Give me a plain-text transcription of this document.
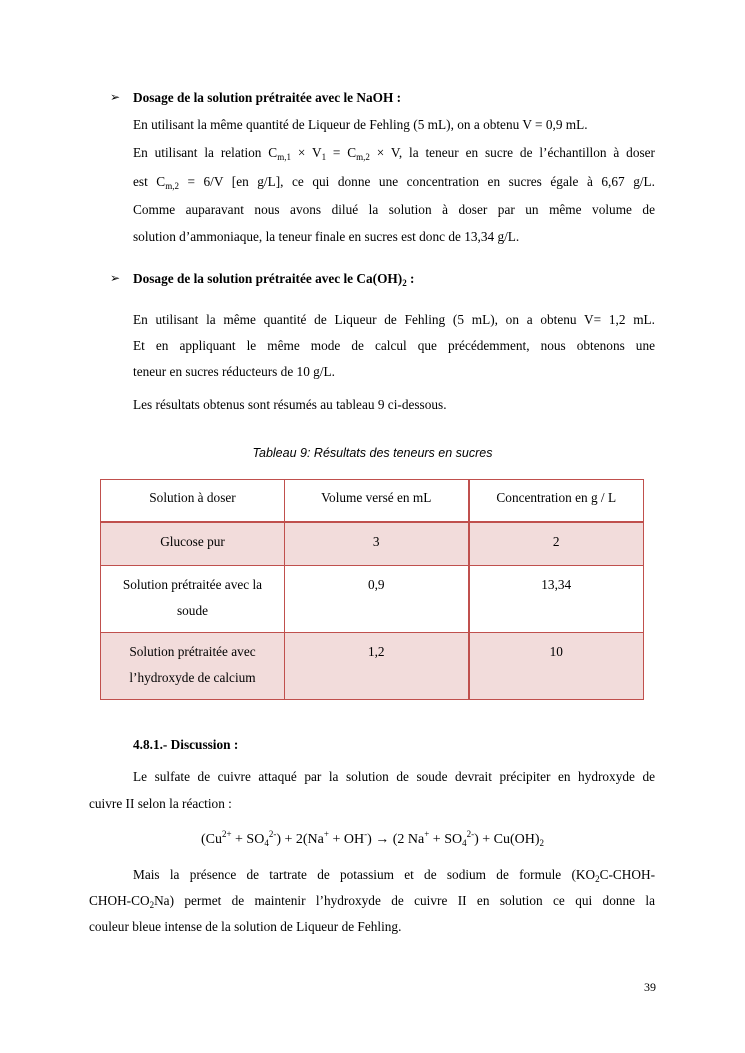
➢ Dosage de la solution prétraitée avec le NaOH :
En utilisant la même quantité de Liqueur de Fehling (5 mL), on a obtenu V = 0,9 mL.
En utilisant la relation $C_{m,1} \times V_1 = C_{m,2} \times V$, la teneur en sucre de l’échantillon à doser
est $C_{m,2} = 6/V$ [en g/L], ce qui donne une concentration en sucres égale à 6,67 g/L.
Comme auparavant nous avons dilué la solution à doser par un même volume de
solution d’ammoniaque, la teneur finale en sucres est donc de 13,34 g/L.
➢ Dosage de la solution prétraitée avec le $Ca(OH)_2$ :
En utilisant la même quantité de Liqueur de Fehling (5 mL), on a obtenu V= 1,2 mL.
Et en appliquant le même mode de calcul que précédemment, nous obtenons une
teneur en sucres réducteurs de 10 g/L.
Les résultats obtenus sont résumés au tableau 9 ci-dessous.
Tableau 9: Résultats des teneurs en sucres
Solution à doser	Volume versé en mL	Concentration en g / L
Glucose pur	3	2
Solution prétraitée avec la soude	0,9	13,34
Solution prétraitée avec l’hydroxyde de calcium	1,2	10
4.8.1.- Discussion :
Le sulfate de cuivre attaqué par la solution de soude devrait précipiter en hydroxyde de
cuivre II selon la réaction :
$(Cu^{2+} + SO_4^{2-}) + 2(Na^+ + OH^-) \to (2$ $Na^+ + SO_4^{2-}) + Cu(OH)_2$
Mais la présence de tartrate de potassium et de sodium de formule ($KO_2C-CHOH-$
CHOH-$CO_2Na$) permet de maintenir l’hydroxyde de cuivre II en solution ce qui donne la
couleur bleue intense de la solution de Liqueur de Fehling.
39
